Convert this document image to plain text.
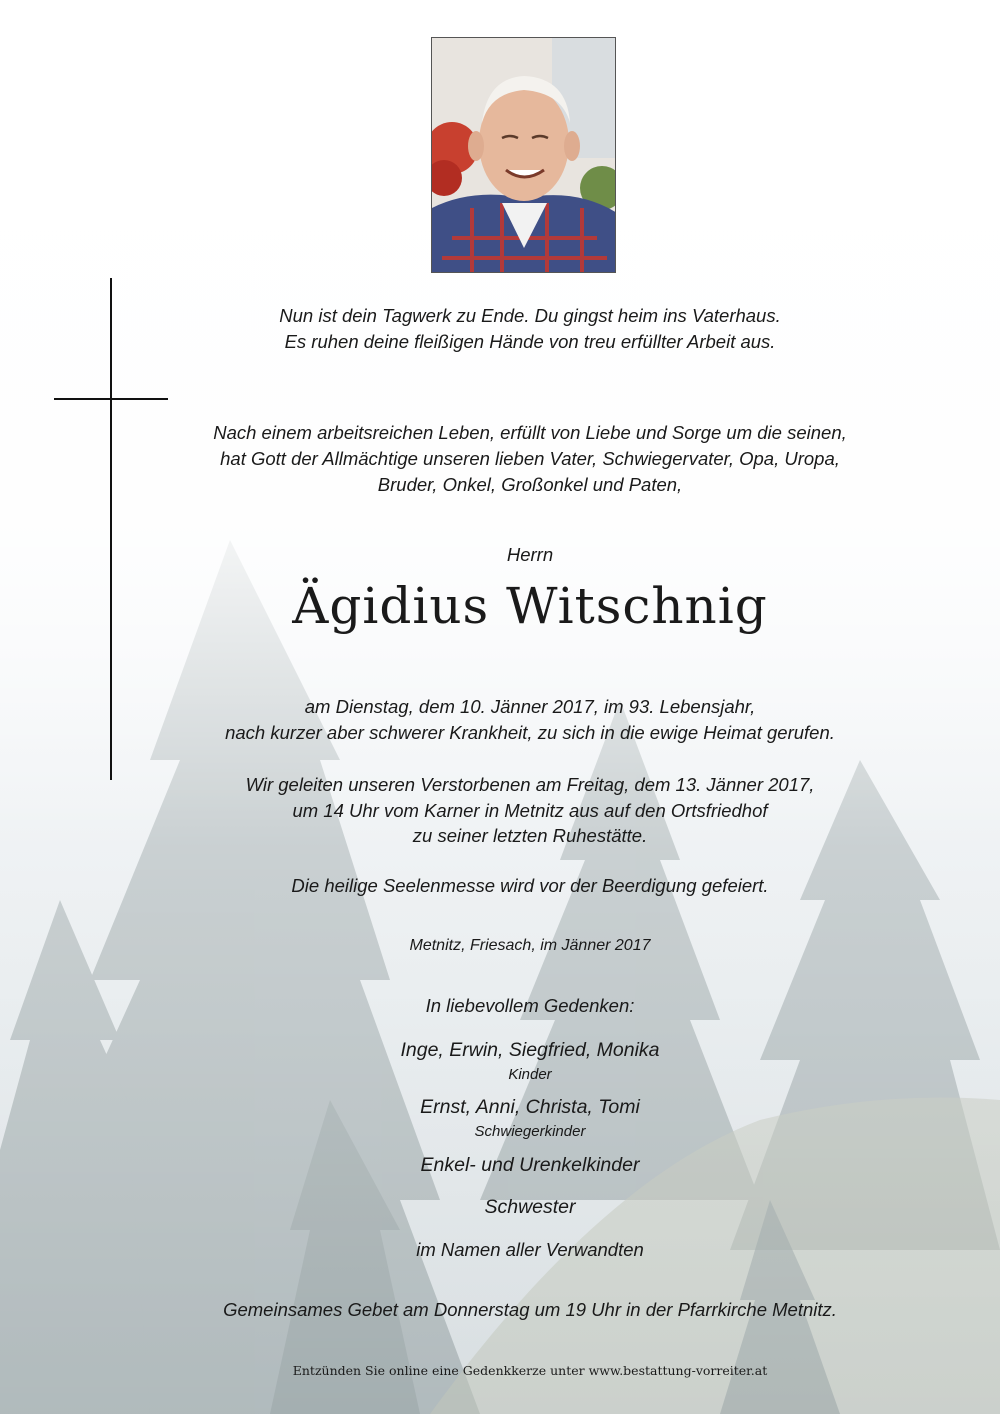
Nun ist dein Tagwerk zu Ende. Du gingst heim ins Vaterhaus.
Es ruhen deine fleißigen Hände von treu erfüllter Arbeit aus.
Nach einem arbeitsreichen Leben, erfüllt von Liebe und Sorge um die seinen,
hat Gott der Allmächtige unseren lieben Vater, Schwiegervater, Opa, Uropa,
Bruder, Onkel, Großonkel und Paten,
Herrn
Ägidius Witschnig
am Dienstag, dem 10. Jänner 2017, im 93. Lebensjahr,
nach kurzer aber schwerer Krankheit, zu sich in die ewige Heimat gerufen.
Wir geleiten unseren Verstorbenen am Freitag, dem 13. Jänner 2017,
um 14 Uhr vom Karner in Metnitz aus auf den Ortsfriedhof
zu seiner letzten Ruhestätte.
Die heilige Seelenmesse wird vor der Beerdigung gefeiert.
Metnitz, Friesach, im Jänner 2017
In liebevollem Gedenken:
Inge, Erwin, Siegfried, Monika
Kinder
Ernst, Anni, Christa, Tomi
Schwiegerkinder
Enkel- und Urenkelkinder
Schwester
im Namen aller Verwandten
Gemeinsames Gebet am Donnerstag um 19 Uhr in der Pfarrkirche Metnitz.
Entzünden Sie online eine Gedenkkerze unter www.bestattung-vorreiter.at
